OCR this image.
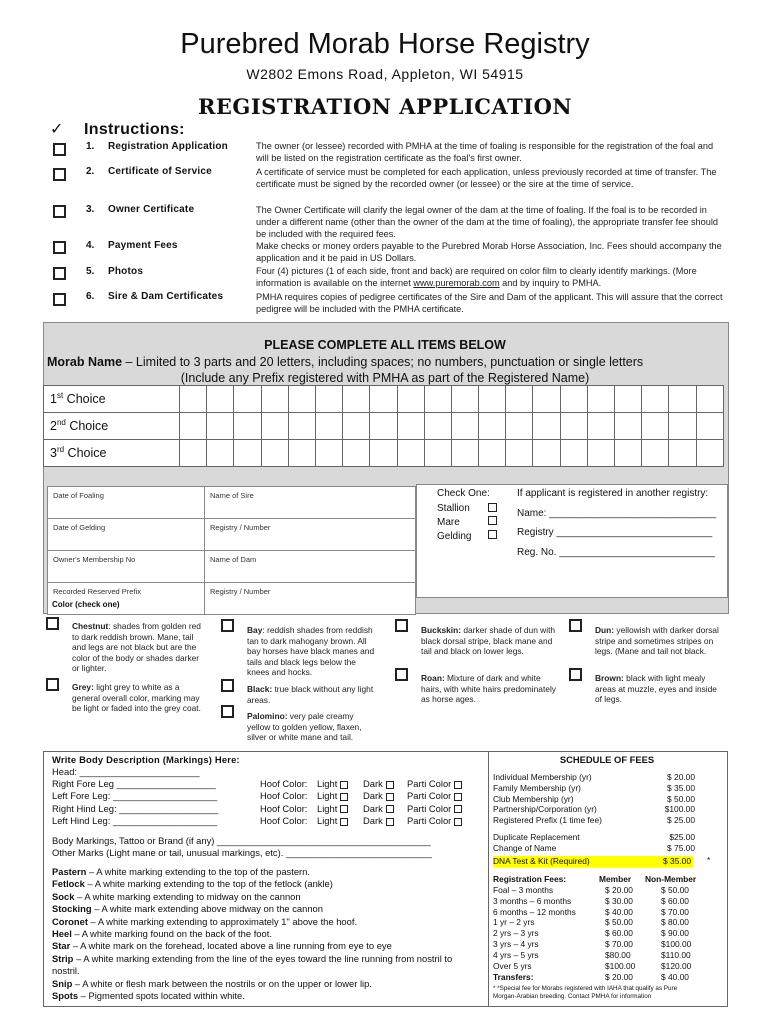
Purebred Morab Horse Registry
W2802 Emons Road, Appleton, WI 54915
REGISTRATION APPLICATION
✓ Instructions:
1. Registration Application	The owner (or lessee) recorded with PMHA at the time of foaling is responsible for the registration of the foal and will be listed on the registration certificate as the foal's first owner.
2. Certificate of Service	A certificate of service must be completed for each application, unless previously recorded at time of transfer. The certificate must be signed by the recorded owner (or lessee) or the sire at the time of service.
3. Owner Certificate	The Owner Certificate will clarify the legal owner of the dam at the time of foaling. If the foal is to be recorded in under a different name (other than the owner of the dam at the time of foaling), the appropriate transfer fee should be included with the required fees.
4. Payment Fees	Make checks or money orders payable to the Purebred Morab Horse Association, Inc. Fees should accompany the application and it be paid in US Dollars.
5. Photos	Four (4) pictures (1 of each side, front and back) are required on color film to clearly identify markings. (More information is available on the internet www.puremorab.com and by inquiry to PMHA.
6. Sire & Dam Certificates	PMHA requires copies of pedigree certificates of the Sire and Dam of the applicant. This will assure that the correct pedigree will be included with the PMHA certificate.
PLEASE COMPLETE ALL ITEMS BELOW
Morab Name – Limited to 3 parts and 20 letters, including spaces; no numbers, punctuation or single letters
(Include any Prefix registered with PMHA as part of the Registered Name)
1st Choice																				
2nd Choice																				
3rd Choice																				
Date of Foaling	Name of Sire
Date of Gelding	Registry / Number
Owner's Membership No	Name of Dam
Recorded Reserved Prefix	Registry / Number
Check One:
Stallion
Mare
Gelding
If applicant is registered in another registry:
Name: ______________________________
Registry ____________________________
Reg. No. ____________________________
Color (check one)
Chestnut: shades from golden red to dark reddish brown. Mane, tail and legs are not black but are the color of the body or shades darker or lighter.
Grey: light grey to white as a general overall color, marking may be light or faded into the grey coat.
Bay: reddish shades from reddish tan to dark mahogany brown. All bay horses have black manes and tails and black legs below the knees and hocks.
Black: true black without any light areas.
Palomino: very pale creamy yellow to golden yellow, flaxen, silver or white mane and tail.
Buckskin: darker shade of dun with black dorsal stripe, black mane and tail and black on lower legs.
Roan: Mixture of dark and white hairs, with white hairs predominately as horse ages.
Dun: yellowish with darker dorsal stripe and sometimes stripes on legs. (Mane and tail not black.
Brown: black with light mealy areas at muzzle, eyes and inside of legs.
Write Body Description (Markings) Here:
Head: _______________________
Right Fore Leg ___________________	Hoof Color: Light	Dark	Parti Color
Left Fore Leg: ____________________	Hoof Color: Light	Dark	Parti Color
Right Hind Leg: ___________________	Hoof Color: Light	Dark	Parti Color
Left Hind Leg: ____________________	Hoof Color: Light	Dark	Parti Color
Body Markings, Tattoo or Brand (if any) _________________________________________
Other Marks (Light mane or tail, unusual markings, etc). ____________________________
Pastern – A white marking extending to the top of the pastern.
Fetlock – A white marking extending to the top of the fetlock (ankle)
Sock – A white marking extending to midway on the cannon
Stocking – A white mark extending above midway on the cannon
Coronet – A white marking extending to approximately 1" above the hoof.
Heel – A white marking found on the back of the foot.
Star – A white mark on the forehead, located above a line running from eye to eye
Strip – A white marking extending from the line of the eyes toward the line running from nostril to nostril.
Snip – A white or flesh mark between the nostrils or on the upper or lower lip.
Spots – Pigmented spots located within white.
SCHEDULE OF FEES
Individual Membership (yr)	$ 20.00
Family Membership (yr)	$ 35.00
Club Membership (yr)	$ 50.00
Partnership/Corporation (yr)	$100.00
Registered Prefix (1 time fee)	$ 25.00
Duplicate Replacement	$25.00
Change of Name	$ 75.00
DNA Test & Kit (Required)	$ 35.00 *
Registration Fees:	Member Non-Member
Foal – 3 months	$ 20.00	$ 50.00
3 months – 6 months	$ 30.00	$ 60.00
6 months – 12 months	$ 40.00	$ 70.00
1 yr – 2 yrs	$ 50.00	$ 80.00
2 yrs – 3 yrs	$ 60.00	$ 90.00
3 yrs – 4 yrs	$ 70.00	$100.00
4 yrs – 5 yrs	$80.00	$110.00
Over 5 yrs	$100.00	$120.00
Transfers:	$ 20.00	$ 40.00
* *Special fee for Morabs registered with IAHA that qualify as Pure
Morgan-Arabian breeding. Contact PMHA for information
